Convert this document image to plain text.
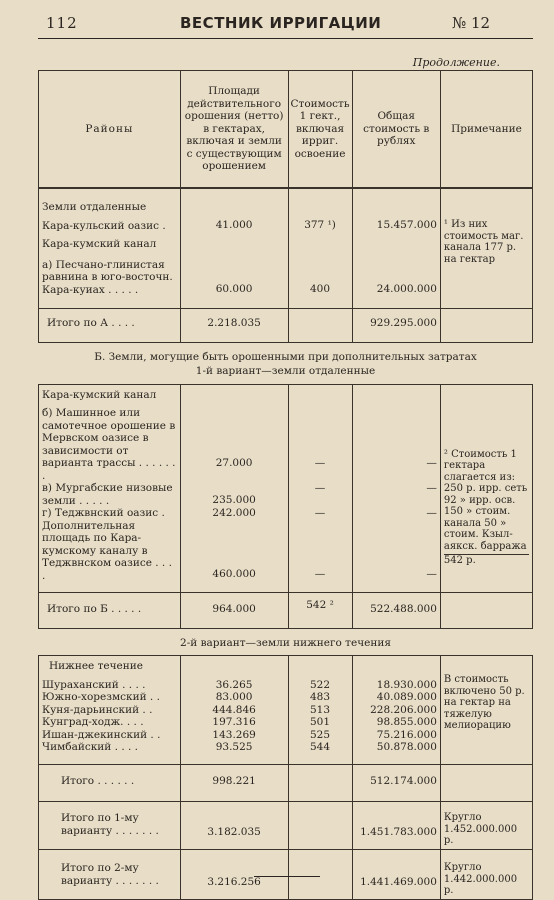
112	ВЕСТНИК ИРРИГАЦИИ	№ 12
Продолжение.
Районы	Площади действительного орошения (нетто) в гектарах, включая и земли с существующим орошением	Стоимость 1 гект., включая ирриг. освоение	Общая стоимость в рублях	Примечание

Земли отдаленные
Кара-кульский оазис .	41.000	377 ¹)	15.457.000	¹ Из них стоимость маг. канала 177 р. на гектар
Кара-кумский канал				
а) Песчано-глинистая равнина в юго-восточн. Кара-куиах . . . . .	60.000	400	24.000.000	
Итого по А . . . .	2.218.035		929.295.000	
Б. Земли, могущие быть орошенными при дополнительных затратах				
1-й вариант—земли отдаленные				
Кара-кумский канал				² Стоимость 1 гектара слагается из: 250 р. ирр. сеть 92 » ирр. осв. 150 » стоим. канала 50 » стоим. Кзыл-аякск. барража
542 р.

б) Машинное или самотечное орошение в Мервском оазисе в зависимости от варианта трассы . . . . . . .	27.000	—	—	
в) Мургабские низовые земли . . . . .	235.000	—	—	
г) Теджвнский оазис .	242.000	—	—	
Дополнительная площадь по Кара-кумскому каналу в Теджвнском оазисе . . . .	460.000	—	—	
Итого по Б . . . . .	964.000	542 ²	522.488.000	
2-й вариант—земли нижнего течения				
Нижнее течение				В стоимость включено 50 р. на гектар на тяжелую мелиорацию
Шураханский . . . .	36.265	522	18.930.000	
Южно-хорезмский . .	83.000	483	40.089.000	
Куня-дарьинский . .	444.846	513	228.206.000	
Кунград-ходж. . . .	197.316	501	98.855.000	
Ишан-джекинский . .	143.269	525	75.216.000	
Чимбайский . . . .	93.525	544	50.878.000	
Итого . . . . . .	998.221		512.174.000	
Итого по 1-му варианту . . . . . . .	3.182.035		1.451.783.000	Кругло 1.452.000.000 р.
Итого по 2-му варианту . . . . . . .	3.216.256		1.441.469.000	Кругло 1.442.000.000 р.
